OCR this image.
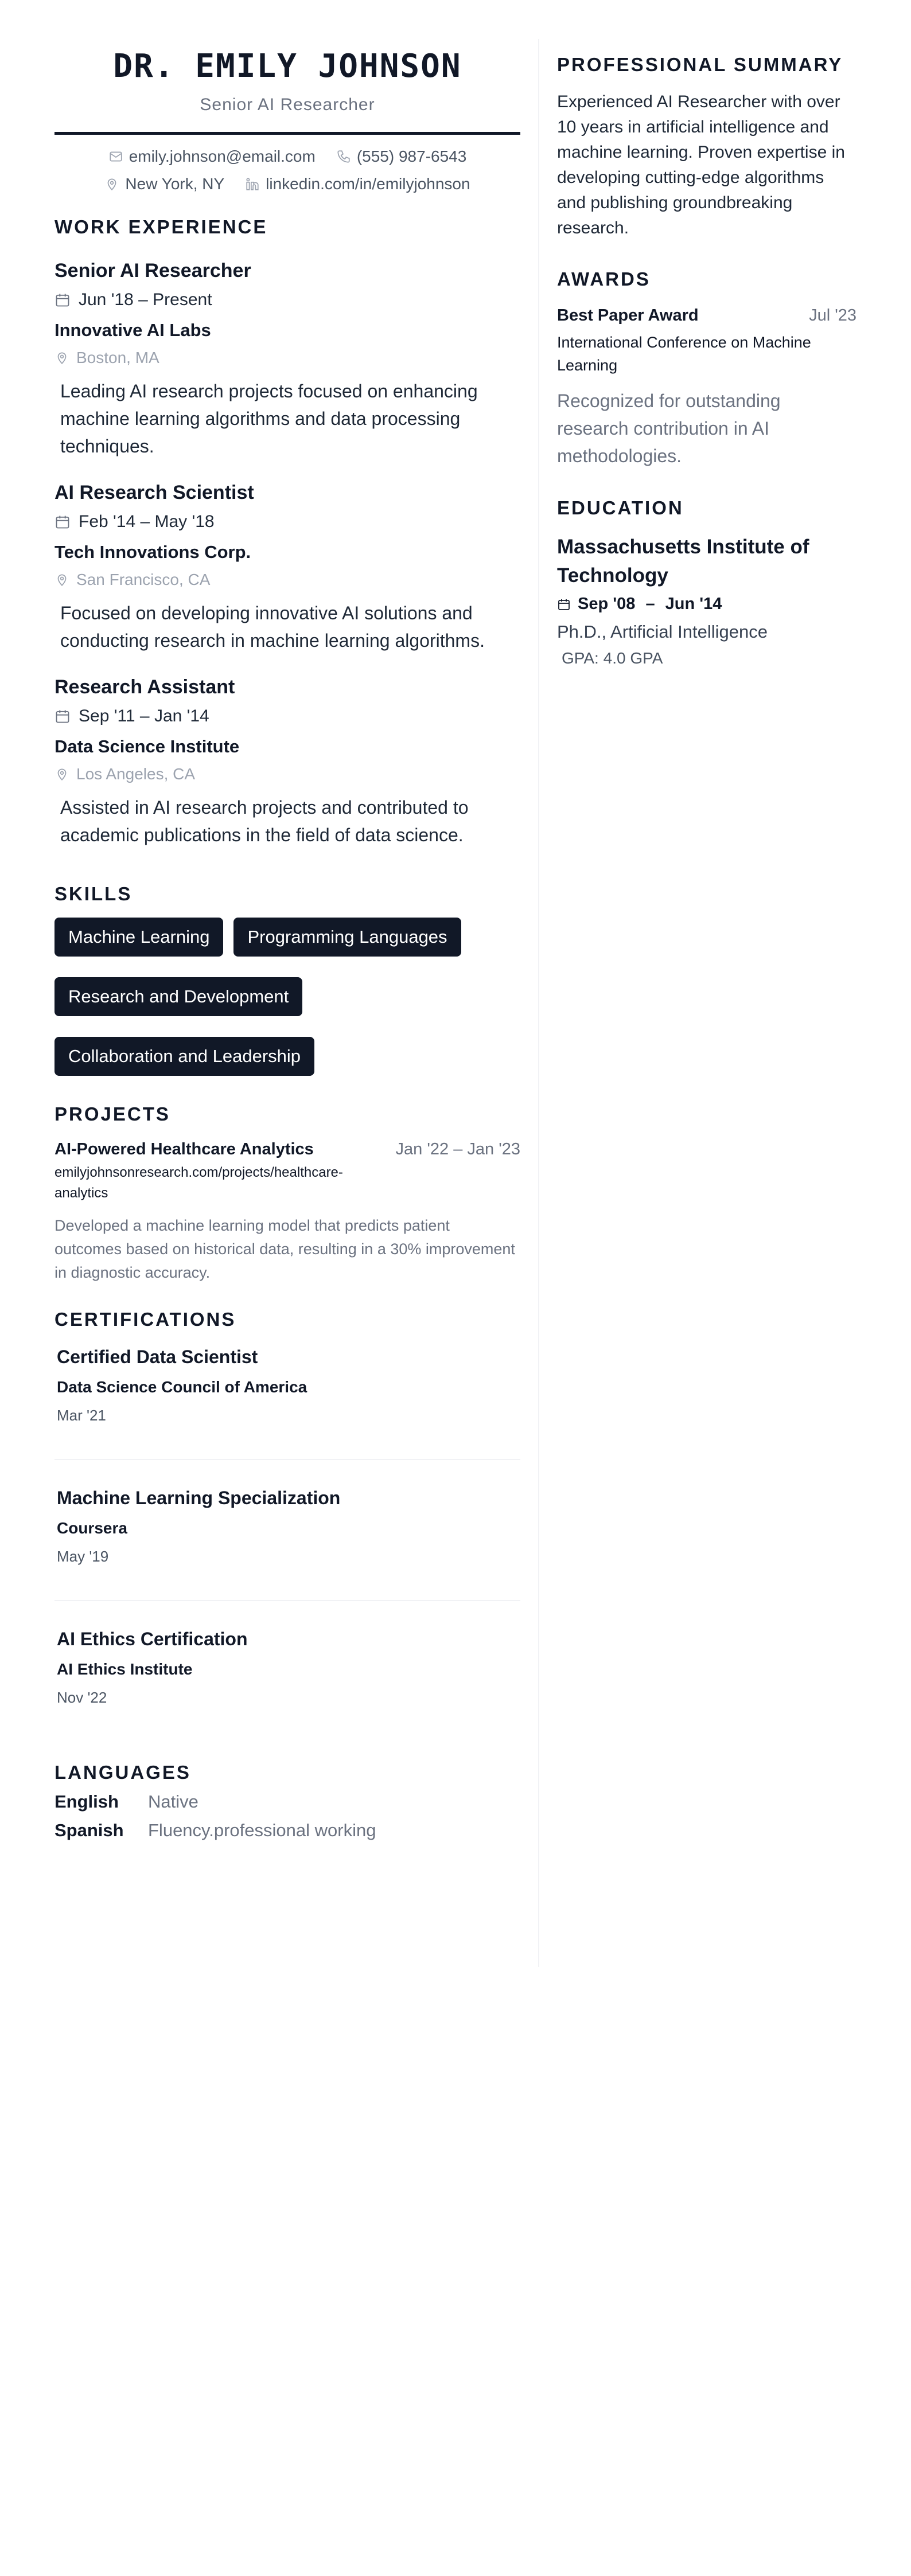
DR. EMILY JOHNSON
Senior AI Researcher
emily.johnson@email.com	(555) 987-6543
New York, NY	linkedin.com/in/emilyjohnson
WORK EXPERIENCE
Senior AI Researcher
Jun '18 – Present
Innovative AI Labs
Boston, MA
Leading AI research projects focused on enhancing machine learning algorithms and data processing techniques.
AI Research Scientist
Feb '14 – May '18
Tech Innovations Corp.
San Francisco, CA
Focused on developing innovative AI solutions and conducting research in machine learning algorithms.
Research Assistant
Sep '11 – Jan '14
Data Science Institute
Los Angeles, CA
Assisted in AI research projects and contributed to academic publications in the field of data science.
SKILLS
Machine Learning	Programming Languages
Research and Development
Collaboration and Leadership
PROJECTS
AI-Powered Healthcare Analytics	Jan '22 – Jan '23
emilyjohnsonresearch.com/projects/healthcare-analytics
Developed a machine learning model that predicts patient outcomes based on historical data, resulting in a 30% improvement in diagnostic accuracy.
CERTIFICATIONS
Certified Data Scientist
Data Science Council of America
Mar '21
Machine Learning Specialization
Coursera
May '19
AI Ethics Certification
AI Ethics Institute
Nov '22
LANGUAGES
English	Native
Spanish	Fluency.professional working
PROFESSIONAL SUMMARY
Experienced AI Researcher with over 10 years in artificial intelligence and machine learning. Proven expertise in developing cutting-edge algorithms and publishing groundbreaking research.
AWARDS
Best Paper Award	Jul '23
International Conference on Machine Learning
Recognized for outstanding research contribution in AI methodologies.
EDUCATION
Massachusetts Institute of Technology
Sep '08 – Jun '14
Ph.D., Artificial Intelligence
GPA: 4.0 GPA
